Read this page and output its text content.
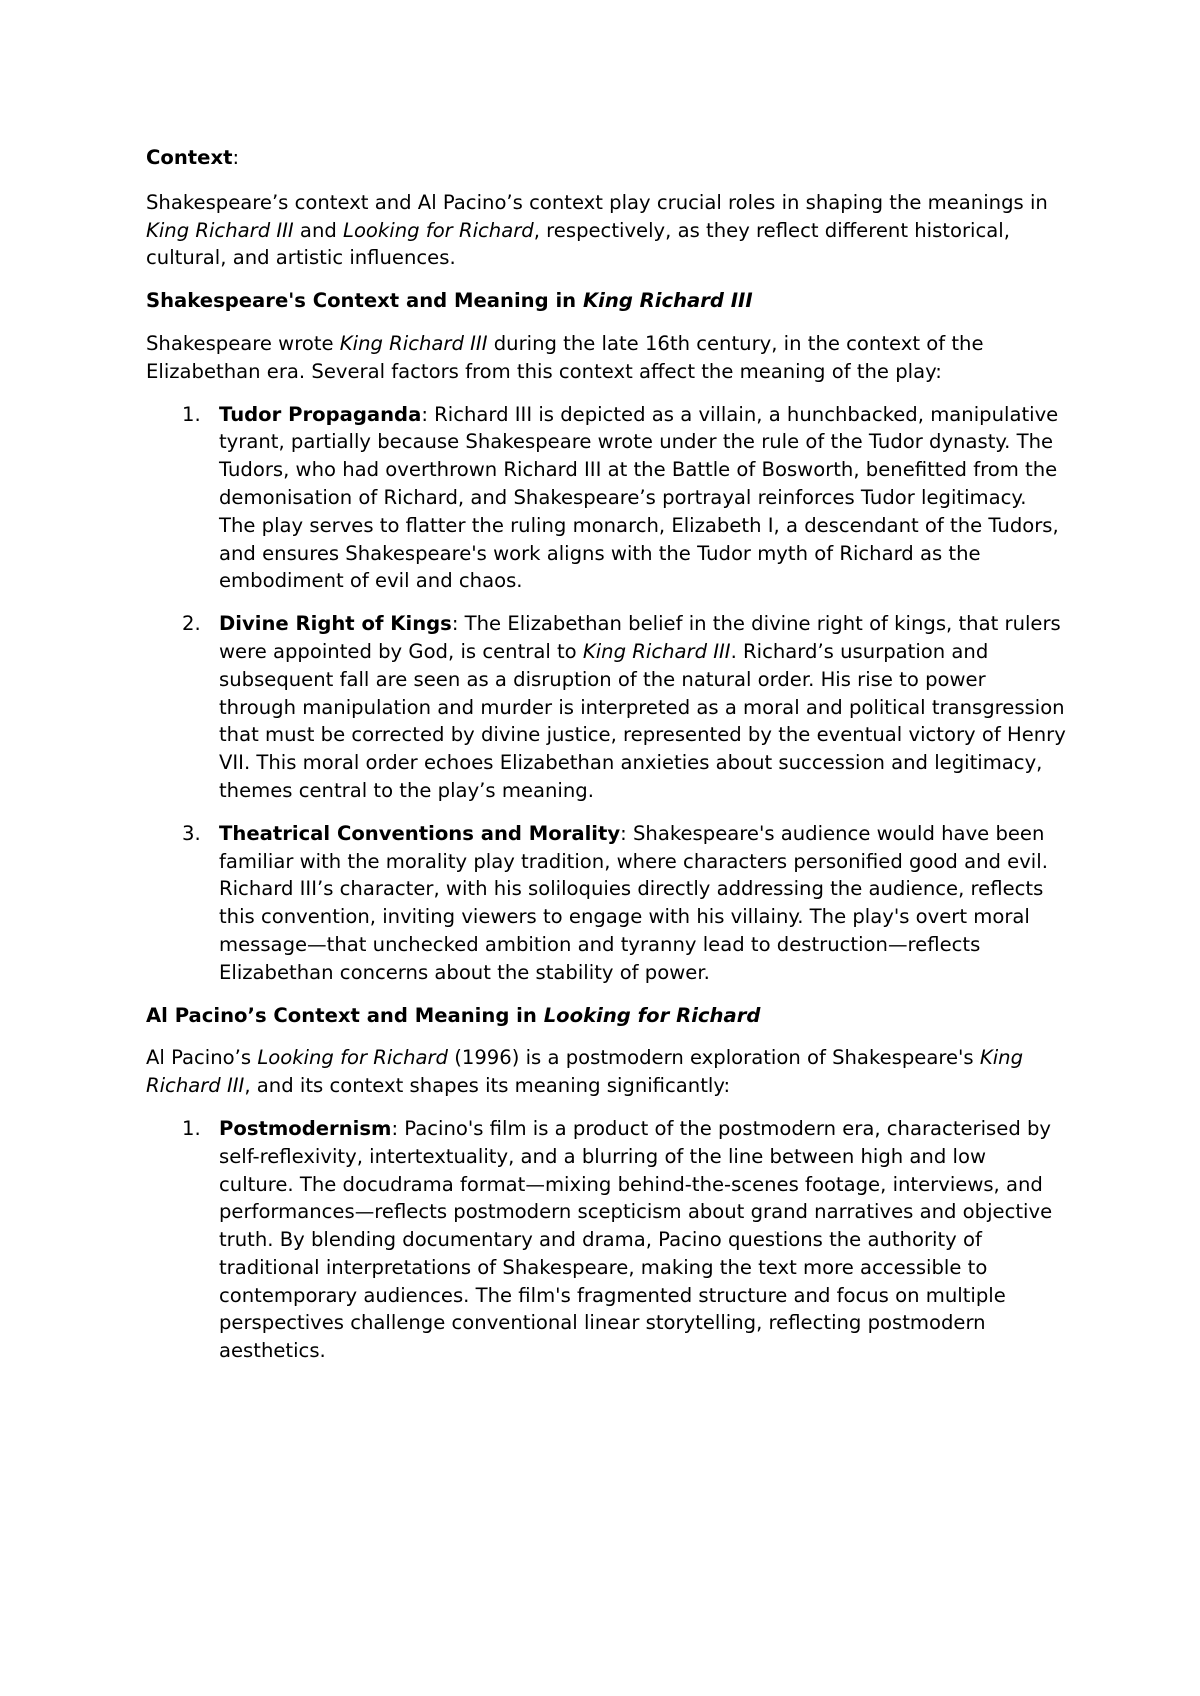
Context:

Shakespeare’s context and Al Pacino’s context play crucial roles in shaping the meanings in King Richard III and Looking for Richard, respectively, as they reflect different historical, cultural, and artistic influences.

Shakespeare's Context and Meaning in King Richard III

Shakespeare wrote King Richard III during the late 16th century, in the context of the Elizabethan era. Several factors from this context affect the meaning of the play:

1. Tudor Propaganda: Richard III is depicted as a villain, a hunchbacked, manipulative tyrant, partially because Shakespeare wrote under the rule of the Tudor dynasty. The Tudors, who had overthrown Richard III at the Battle of Bosworth, benefitted from the demonisation of Richard, and Shakespeare’s portrayal reinforces Tudor legitimacy. The play serves to flatter the ruling monarch, Elizabeth I, a descendant of the Tudors, and ensures Shakespeare's work aligns with the Tudor myth of Richard as the embodiment of evil and chaos.
2. Divine Right of Kings: The Elizabethan belief in the divine right of kings, that rulers were appointed by God, is central to King Richard III. Richard’s usurpation and subsequent fall are seen as a disruption of the natural order. His rise to power through manipulation and murder is interpreted as a moral and political transgression that must be corrected by divine justice, represented by the eventual victory of Henry VII. This moral order echoes Elizabethan anxieties about succession and legitimacy, themes central to the play’s meaning.
3. Theatrical Conventions and Morality: Shakespeare's audience would have been familiar with the morality play tradition, where characters personified good and evil. Richard III’s character, with his soliloquies directly addressing the audience, reflects this convention, inviting viewers to engage with his villainy. The play's overt moral message—that unchecked ambition and tyranny lead to destruction—reflects Elizabethan concerns about the stability of power.

Al Pacino’s Context and Meaning in Looking for Richard

Al Pacino’s Looking for Richard (1996) is a postmodern exploration of Shakespeare's King Richard III, and its context shapes its meaning significantly:

1. Postmodernism: Pacino's film is a product of the postmodern era, characterised by self-reflexivity, intertextuality, and a blurring of the line between high and low culture. The docudrama format—mixing behind-the-scenes footage, interviews, and performances—reflects postmodern scepticism about grand narratives and objective truth. By blending documentary and drama, Pacino questions the authority of traditional interpretations of Shakespeare, making the text more accessible to contemporary audiences. The film's fragmented structure and focus on multiple perspectives challenge conventional linear storytelling, reflecting postmodern aesthetics.
